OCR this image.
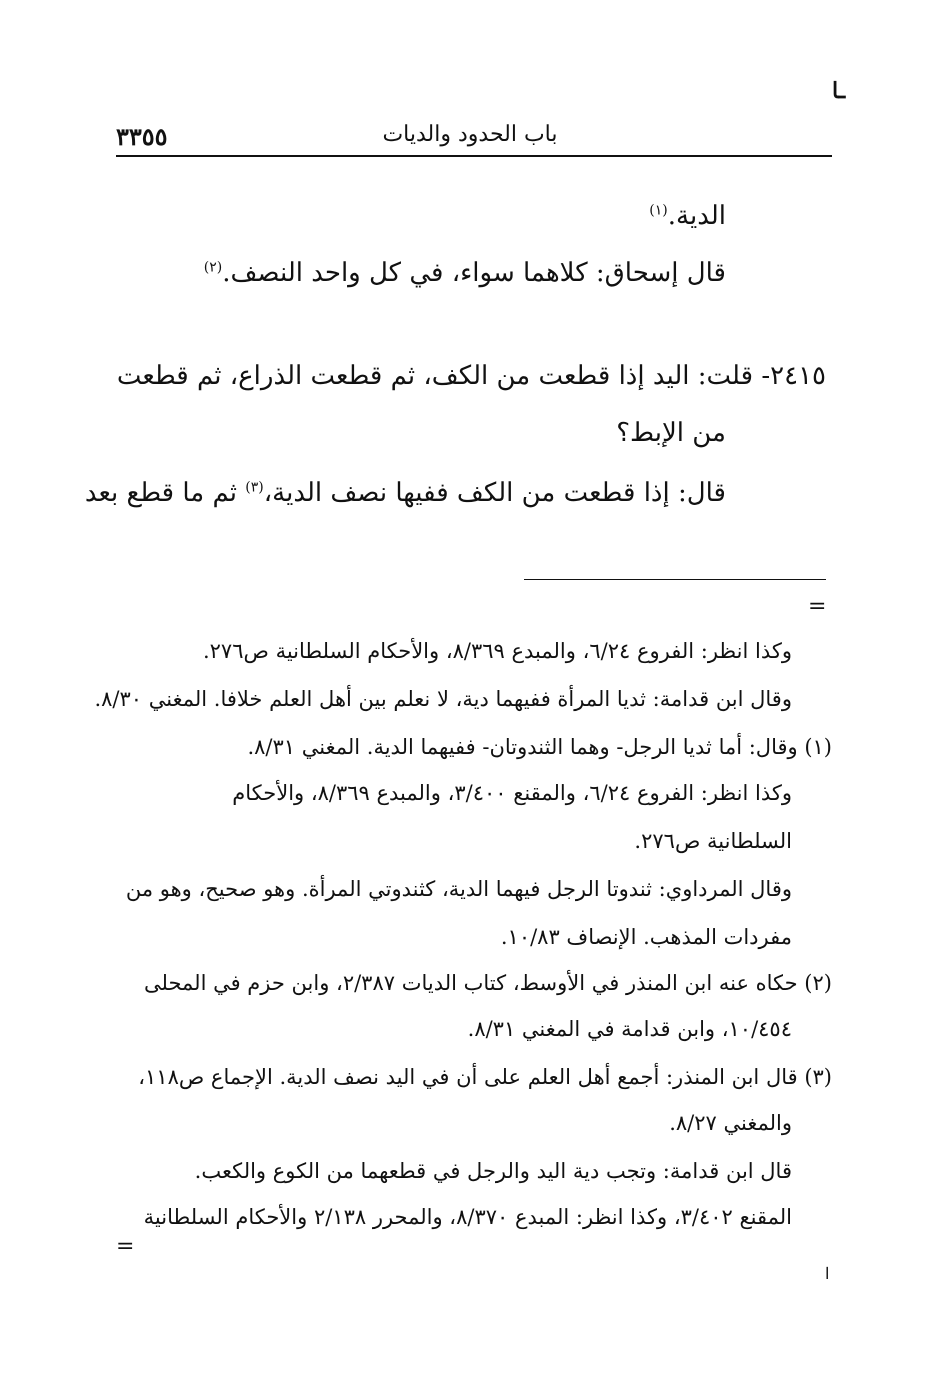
ـا
٣٣٥٥	باب الحدود والديات
الدية.$^{(١)}$
قال إسحاق: كلاهما سواء، في كل واحد النصف.$^{(٢)}$
٢٤١٥- قلت: اليد إذا قطعت من الكف، ثم قطعت الذراع، ثم قطعت
من الإبط؟
قال: إذا قطعت من الكف ففيها نصف الدية،$^{(٣)}$ ثم ما قطع بعد
=
وكذا انظر: الفروع ٦/٢٤، والمبدع ٨/٣٦٩، والأحكام السلطانية ص٢٧٦.
وقال ابن قدامة: ثديا المرأة ففيهما دية، لا نعلم بين أهل العلم خلافا. المغني ٨/٣٠.
(١) وقال: أما ثديا الرجل- وهما الثندوتان- ففيهما الدية. المغني ٨/٣١.
وكذا انظر: الفروع ٦/٢٤، والمقنع ٣/٤٠٠، والمبدع ٨/٣٦٩، والأحكام
السلطانية ص٢٧٦.
وقال المرداوي: ثندوتا الرجل فيهما الدية، كثندوتي المرأة. وهو صحيح، وهو من
مفردات المذهب. الإنصاف ١٠/٨٣.
(٢) حكاه عنه ابن المنذر في الأوسط، كتاب الديات ٢/٣٨٧، وابن حزم في المحلى
١٠/٤٥٤، وابن قدامة في المغني ٨/٣١.
(٣) قال ابن المنذر: أجمع أهل العلم على أن في اليد نصف الدية. الإجماع ص١١٨،
والمغني ٨/٢٧.
قال ابن قدامة: وتجب دية اليد والرجل في قطعهما من الكوع والكعب.
المقنع ٣/٤٠٢، وكذا انظر: المبدع ٨/٣٧٠، والمحرر ٢/١٣٨ والأحكام السلطانية
=
ا
